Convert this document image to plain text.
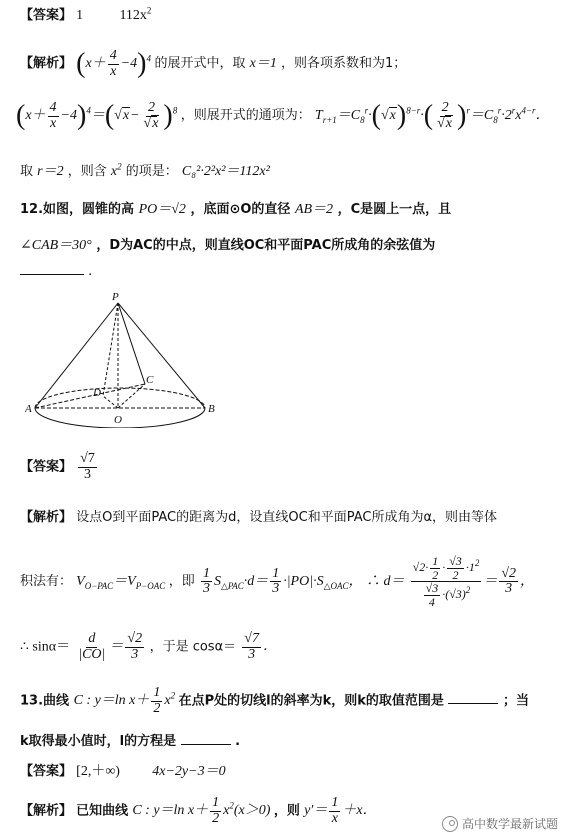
【答案】 1	$112x^2$
【解析】 $(x+ \frac{4}{x} -4)^4$ 的展开式中，取 x＝1 ，则各项系数和为1；
$(x+ \frac{4}{x} -4)^4=(√x- \frac{2}{√x} )^8$ ，则展开式的通项为： $T_{r+1}=C_8^r\cdot(√x)^{8-r}\cdot( \frac{2}{√x} )^r=C_8^r\cdot 2^rx^{4-r}$．
取 r＝2 ，则含 $x^2$ 的项是： C₈²·2²x²＝112x²
12.如图，圆锥的高 PO＝√2 ，底面⊙O的直径 AB＝2 ，C是圆上一点，且
∠CAB＝30° ，D为AC的中点，则直线OC和平面PAC所成角的余弦值为
.
P
A	B
O
C
D
【答案】 $\frac{√7}{3}$
【解析】 设点O到平面PAC的距离为d，设直线OC和平面PAC所成角为α，则由等体
积法有： $V_{O-PAC}=V_{P-OAC}$ ，即 $\frac{1}{3} S_{\triangle PAC}\cdot d= \frac{1}{3} \cdot|PO|\cdot S_{\triangle OAC}$， ∴ $d= \frac{√2\cdot \frac{1}{2} \cdot \frac{√3}{2} \cdot 1^2}{\frac{√3}{4} \cdot(√3)^2} = \frac{√2}{3}$ ，
∴ $\sin\alpha= \frac{d}{|CO|} = \frac{√2}{3}$ ，于是 $\cos\alpha= \frac{√7}{3}$ ．
13.曲线 C : y＝ln $x+ \frac{1}{2} x^2$ 在点P处的切线l的斜率为k，则k的取值范围是	；当
k取得最小值时，l的方程是	.
【答案】 [2,＋∞) 4x−2y−3＝0
【解析】 已知曲线 C : y＝ln $x+ \frac{1}{2} x^2(x>0)$ ，则 $y'= \frac{1}{x} +x$．
高中数学最新试题
